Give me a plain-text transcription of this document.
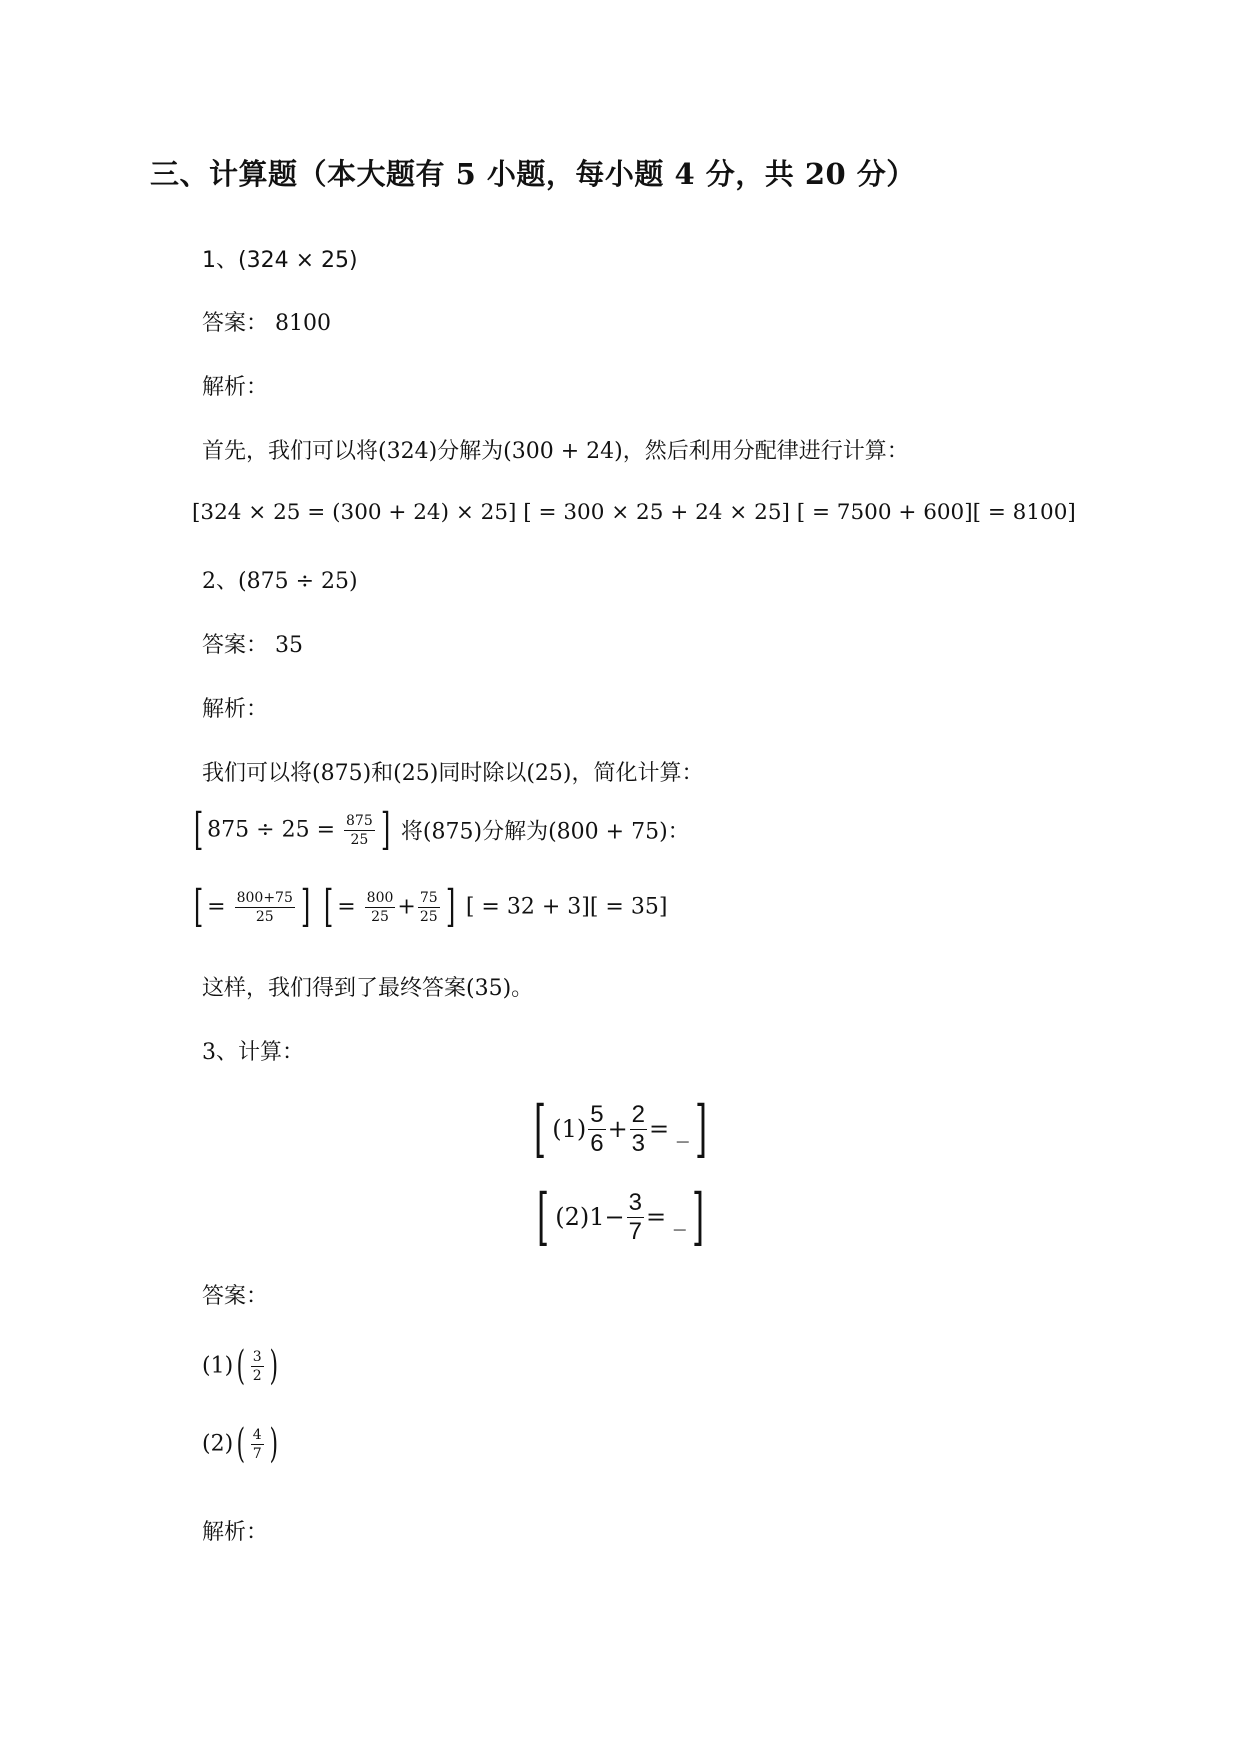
三、计算题（本大题有 5 小题，每小题 4 分，共 20 分）
1、(324 × 25)
答案： 8100
解析：
首先，我们可以将(324)分解为(300 + 24)，然后利用分配律进行计算：
[324 × 25 = (300 + 24) × 25] [ = 300 × 25 + 24 × 25] [ = 7500 + 600][ = 8100]
2、(875 ÷ 25)
答案： 35
解析：
我们可以将(875)和(25)同时除以(25)，简化计算：
[ $875 \div 25 = \frac{875}{25}$ ] 将(875)分解为(800 + 75)：
[ = $\frac{800+75}{25}$ ] [ = $\frac{800}{25} + \frac{75}{25}$ ] [ = 32 + 3][ = 35]
这样，我们得到了最终答案(35)。
3、计算：
[ $(1) \frac{5}{6} + \frac{2}{3}$ = _]
[ $(2)1- \frac{3}{7}$ = _]
答案：
$(1)( \frac{3}{2}$ )
$(2)( \frac{4}{7}$ )
解析：
